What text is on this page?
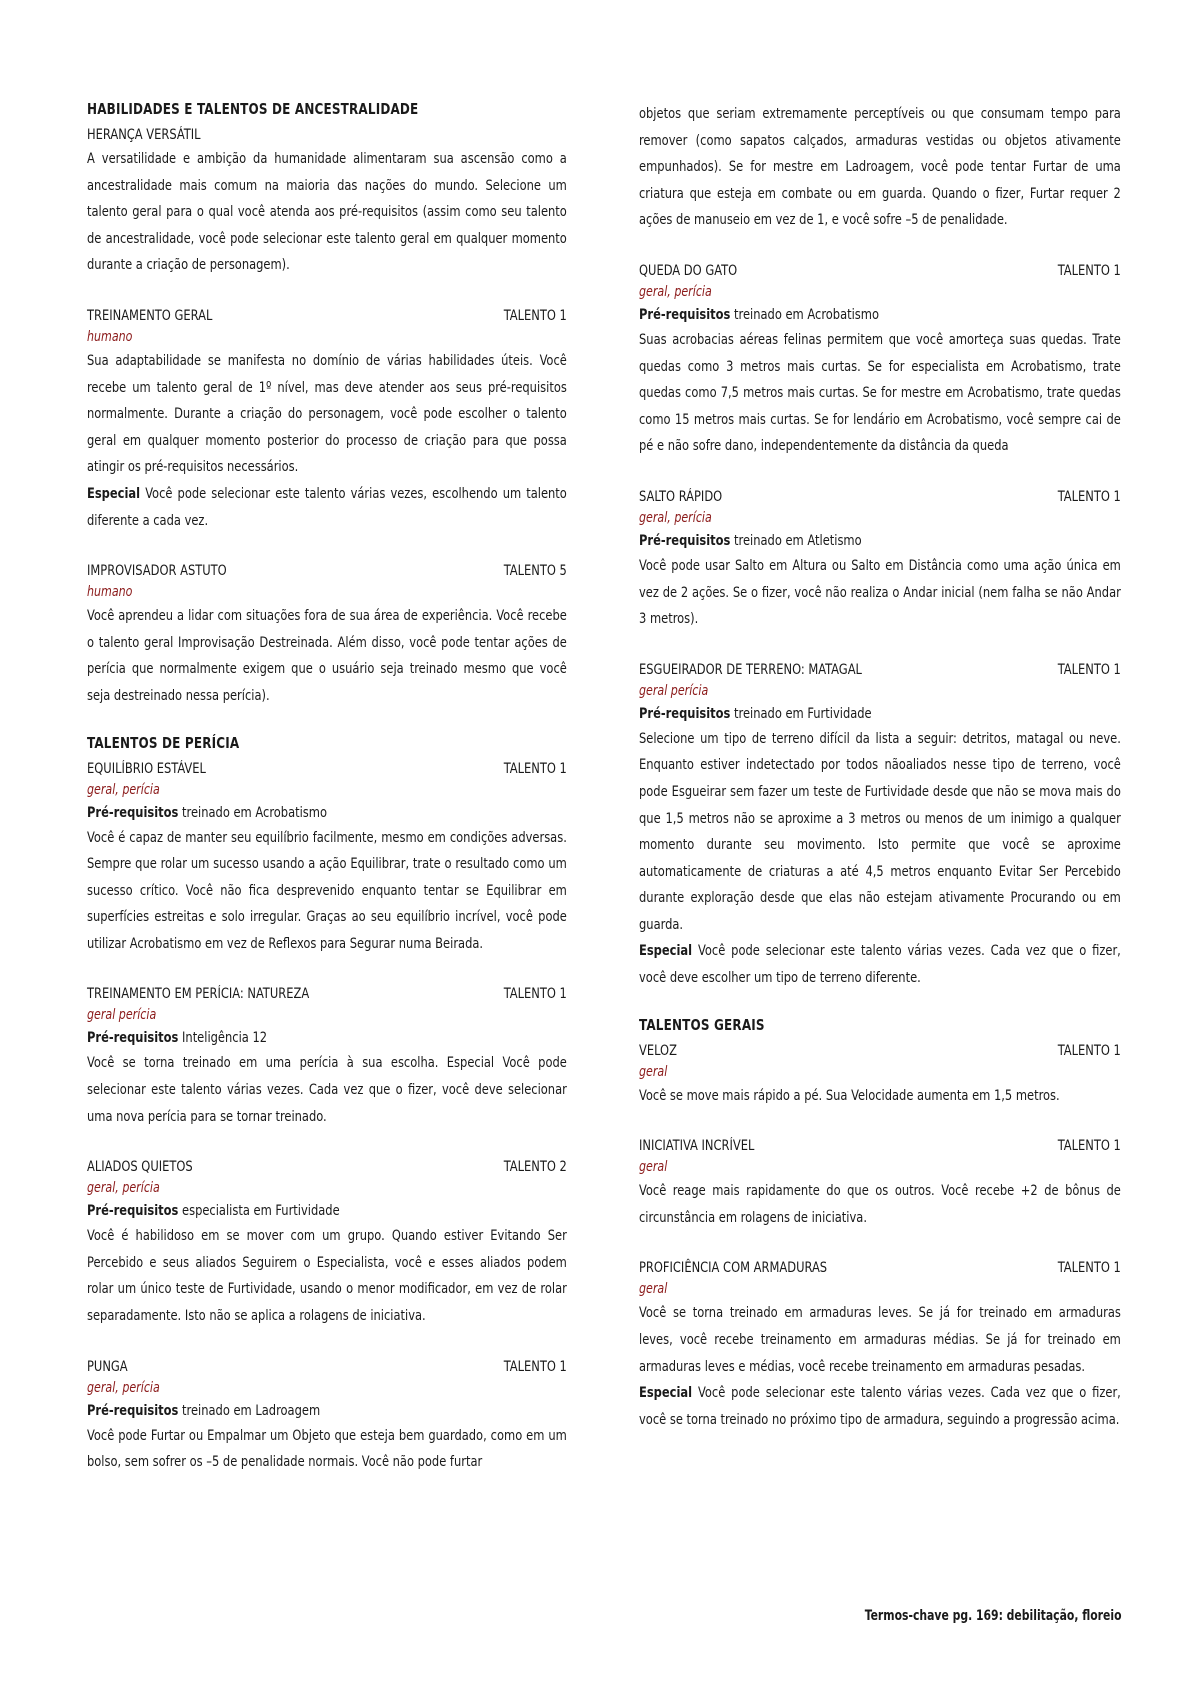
HABILIDADES E TALENTOS DE ANCESTRALIDADE
HERANÇA VERSÁTIL
A versatilidade e ambição da humanidade alimentaram sua ascensão como a ancestralidade mais comum na maioria das nações do mundo. Selecione um talento geral para o qual você atenda aos pré-requisitos (assim como seu talento de ancestralidade, você pode selecionar este talento geral em qualquer momento durante a criação de personagem).
TREINAMENTO GERAL	TALENTO 1
humano
Sua adaptabilidade se manifesta no domínio de várias habilidades úteis. Você recebe um talento geral de 1º nível, mas deve atender aos seus pré-requisitos normalmente. Durante a criação do personagem, você pode escolher o talento geral em qualquer momento posterior do processo de criação para que possa atingir os pré-requisitos necessários.
Especial Você pode selecionar este talento várias vezes, escolhendo um talento diferente a cada vez.
IMPROVISADOR ASTUTO	TALENTO 5
humano
Você aprendeu a lidar com situações fora de sua área de experiência. Você recebe o talento geral Improvisação Destreinada. Além disso, você pode tentar ações de perícia que normalmente exigem que o usuário seja treinado mesmo que você seja destreinado nessa perícia).
TALENTOS DE PERÍCIA
EQUILÍBRIO ESTÁVEL	TALENTO 1
geral, perícia
Pré-requisitos treinado em Acrobatismo
Você é capaz de manter seu equilíbrio facilmente, mesmo em condições adversas. Sempre que rolar um sucesso usando a ação Equilibrar, trate o resultado como um sucesso crítico. Você não fica desprevenido enquanto tentar se Equilibrar em superfícies estreitas e solo irregular. Graças ao seu equilíbrio incrível, você pode utilizar Acrobatismo em vez de Reflexos para Segurar numa Beirada.
TREINAMENTO EM PERÍCIA: NATUREZA	TALENTO 1
geral perícia
Pré-requisitos Inteligência 12
Você se torna treinado em uma perícia à sua escolha. Especial Você pode selecionar este talento várias vezes. Cada vez que o fizer, você deve selecionar uma nova perícia para se tornar treinado.
ALIADOS QUIETOS	TALENTO 2
geral, perícia
Pré-requisitos especialista em Furtividade
Você é habilidoso em se mover com um grupo. Quando estiver Evitando Ser Percebido e seus aliados Seguirem o Especialista, você e esses aliados podem rolar um único teste de Furtividade, usando o menor modificador, em vez de rolar separadamente. Isto não se aplica a rolagens de iniciativa.
PUNGA	TALENTO 1
geral, perícia
Pré-requisitos treinado em Ladroagem
Você pode Furtar ou Empalmar um Objeto que esteja bem guardado, como em um bolso, sem sofrer os –5 de penalidade normais. Você não pode furtar
objetos que seriam extremamente perceptíveis ou que consumam tempo para remover (como sapatos calçados, armaduras vestidas ou objetos ativamente empunhados). Se for mestre em Ladroagem, você pode tentar Furtar de uma criatura que esteja em combate ou em guarda. Quando o fizer, Furtar requer 2 ações de manuseio em vez de 1, e você sofre –5 de penalidade.
QUEDA DO GATO	TALENTO 1
geral, perícia
Pré-requisitos treinado em Acrobatismo
Suas acrobacias aéreas felinas permitem que você amorteça suas quedas. Trate quedas como 3 metros mais curtas. Se for especialista em Acrobatismo, trate quedas como 7,5 metros mais curtas. Se for mestre em Acrobatismo, trate quedas como 15 metros mais curtas. Se for lendário em Acrobatismo, você sempre cai de pé e não sofre dano, independentemente da distância da queda
SALTO RÁPIDO	TALENTO 1
geral, perícia
Pré-requisitos treinado em Atletismo
Você pode usar Salto em Altura ou Salto em Distância como uma ação única em vez de 2 ações. Se o fizer, você não realiza o Andar inicial (nem falha se não Andar 3 metros).
ESGUEIRADOR DE TERRENO: MATAGAL	TALENTO 1
geral perícia
Pré-requisitos treinado em Furtividade
Selecione um tipo de terreno difícil da lista a seguir: detritos, matagal ou neve. Enquanto estiver indetectado por todos nãoaliados nesse tipo de terreno, você pode Esgueirar sem fazer um teste de Furtividade desde que não se mova mais do que 1,5 metros não se aproxime a 3 metros ou menos de um inimigo a qualquer momento durante seu movimento. Isto permite que você se aproxime automaticamente de criaturas a até 4,5 metros enquanto Evitar Ser Percebido durante exploração desde que elas não estejam ativamente Procurando ou em guarda.
Especial Você pode selecionar este talento várias vezes. Cada vez que o fizer, você deve escolher um tipo de terreno diferente.
TALENTOS GERAIS
VELOZ	TALENTO 1
geral
Você se move mais rápido a pé. Sua Velocidade aumenta em 1,5 metros.
INICIATIVA INCRÍVEL	TALENTO 1
geral
Você reage mais rapidamente do que os outros. Você recebe +2 de bônus de circunstância em rolagens de iniciativa.
PROFICIÊNCIA COM ARMADURAS	TALENTO 1
geral
Você se torna treinado em armaduras leves. Se já for treinado em armaduras leves, você recebe treinamento em armaduras médias. Se já for treinado em armaduras leves e médias, você recebe treinamento em armaduras pesadas.
Especial Você pode selecionar este talento várias vezes. Cada vez que o fizer, você se torna treinado no próximo tipo de armadura, seguindo a progressão acima.
Termos-chave pg. 169: debilitação, floreio
